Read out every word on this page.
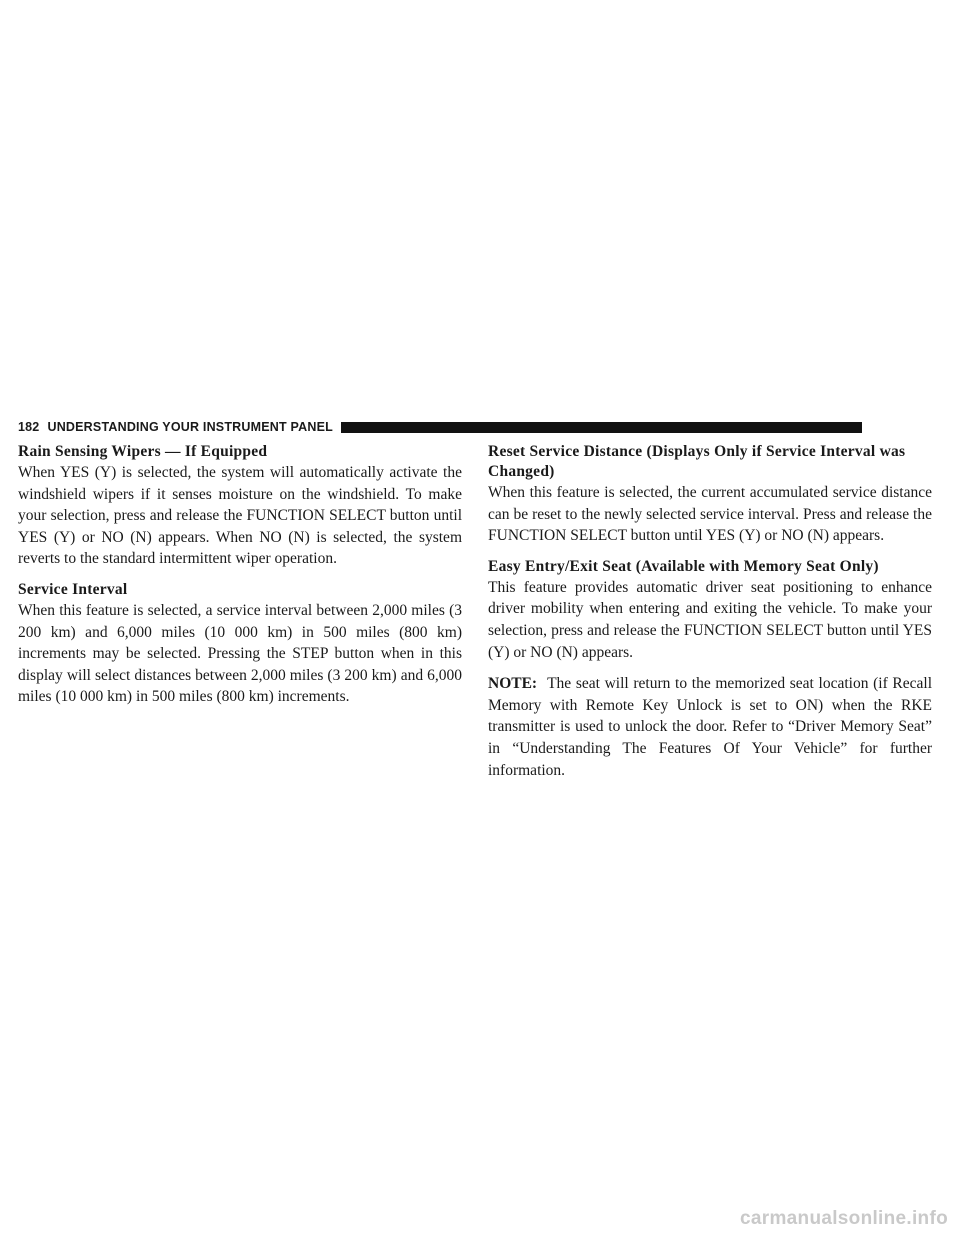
182 UNDERSTANDING YOUR INSTRUMENT PANEL
Rain Sensing Wipers — If Equipped

When YES (Y) is selected, the system will automatically activate the windshield wipers if it senses moisture on the windshield. To make your selection, press and release the FUNCTION SELECT button until YES (Y) or NO (N) appears. When NO (N) is selected, the system reverts to the standard intermittent wiper operation.

Service Interval

When this feature is selected, a service interval between 2,000 miles (3 200 km) and 6,000 miles (10 000 km) in 500 miles (800 km) increments may be selected. Pressing the STEP button when in this display will select distances between 2,000 miles (3 200 km) and 6,000 miles (10 000 km) in 500 miles (800 km) increments.

Reset Service Distance (Displays Only if Service Interval was Changed)

When this feature is selected, the current accumulated service distance can be reset to the newly selected service interval. Press and release the FUNCTION SELECT button until YES (Y) or NO (N) appears.

Easy Entry/Exit Seat (Available with Memory Seat Only)

This feature provides automatic driver seat positioning to enhance driver mobility when entering and exiting the vehicle. To make your selection, press and release the FUNCTION SELECT button until YES (Y) or NO (N) appears.

NOTE: The seat will return to the memorized seat location (if Recall Memory with Remote Key Unlock is set to ON) when the RKE transmitter is used to unlock the door. Refer to “Driver Memory Seat” in “Understanding The Features Of Your Vehicle” for further information.

carmanualsonline.info
